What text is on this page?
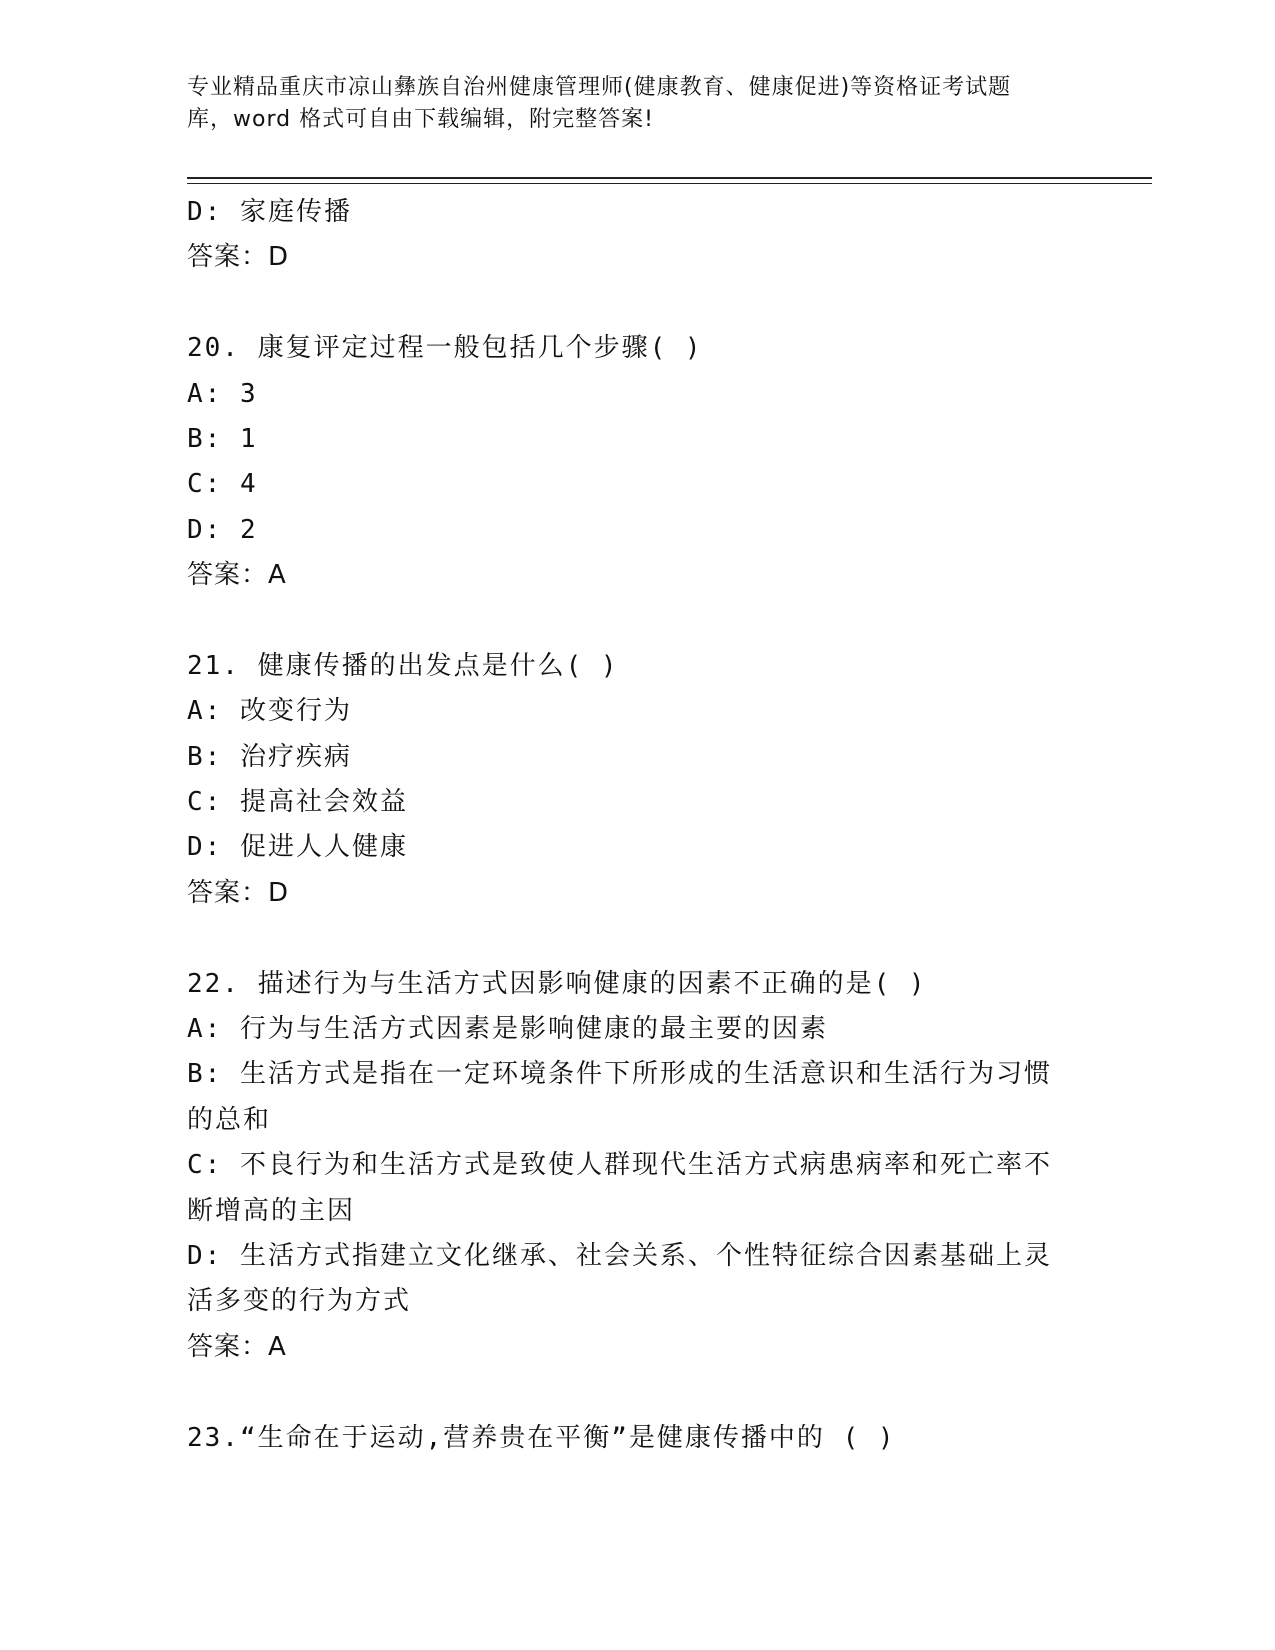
专业精品重庆市凉山彝族自治州健康管理师(健康教育、健康促进)等资格证考试题
库，word 格式可自由下载编辑，附完整答案!
D: 家庭传播
答案：D
20. 康复评定过程一般包括几个步骤( )
A: 3
B: 1
C: 4
D: 2
答案：A
21. 健康传播的出发点是什么( )
A: 改变行为
B: 治疗疾病
C: 提高社会效益
D: 促进人人健康
答案：D
22. 描述行为与生活方式因影响健康的因素不正确的是( )
A: 行为与生活方式因素是影响健康的最主要的因素
B: 生活方式是指在一定环境条件下所形成的生活意识和生活行为习惯
的总和
C: 不良行为和生活方式是致使人群现代生活方式病患病率和死亡率不
断增高的主因
D: 生活方式指建立文化继承、社会关系、个性特征综合因素基础上灵
活多变的行为方式
答案：A
23.“生命在于运动,营养贵在平衡”是健康传播中的 ( )
